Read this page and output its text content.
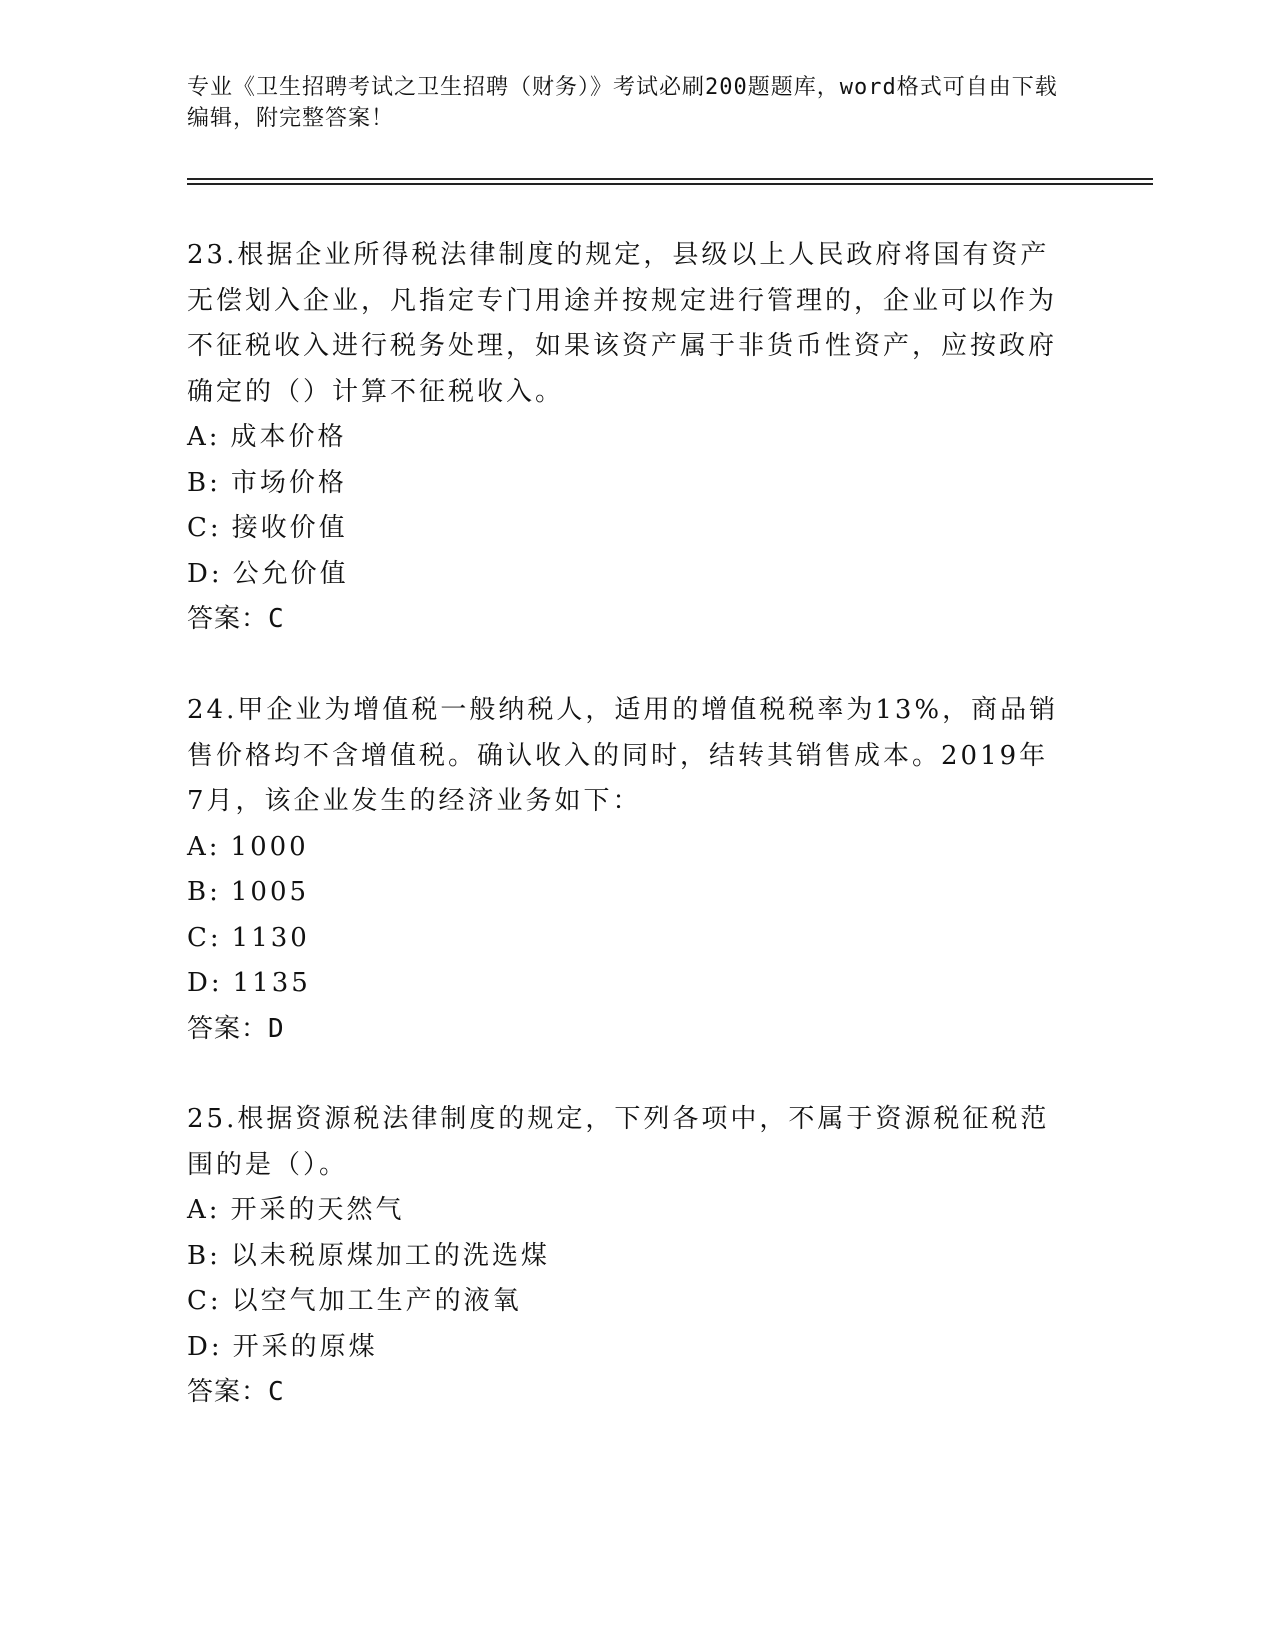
专业《卫生招聘考试之卫生招聘（财务）》考试必刷200题题库，word格式可自由下载编辑，附完整答案！
23.根据企业所得税法律制度的规定，县级以上人民政府将国有资产无偿划入企业，凡指定专门用途并按规定进行管理的，企业可以作为不征税收入进行税务处理，如果该资产属于非货币性资产，应按政府确定的（）计算不征税收入。
A: 成本价格
B: 市场价格
C: 接收价值
D: 公允价值
答案：C
24.甲企业为增值税一般纳税人，适用的增值税税率为13%，商品销售价格均不含增值税。确认收入的同时，结转其销售成本。2019年7月，该企业发生的经济业务如下：
A: 1000
B: 1005
C: 1130
D: 1135
答案：D
25.根据资源税法律制度的规定，下列各项中，不属于资源税征税范围的是（）。
A: 开采的天然气
B: 以未税原煤加工的洗选煤
C: 以空气加工生产的液氧
D: 开采的原煤
答案：C
